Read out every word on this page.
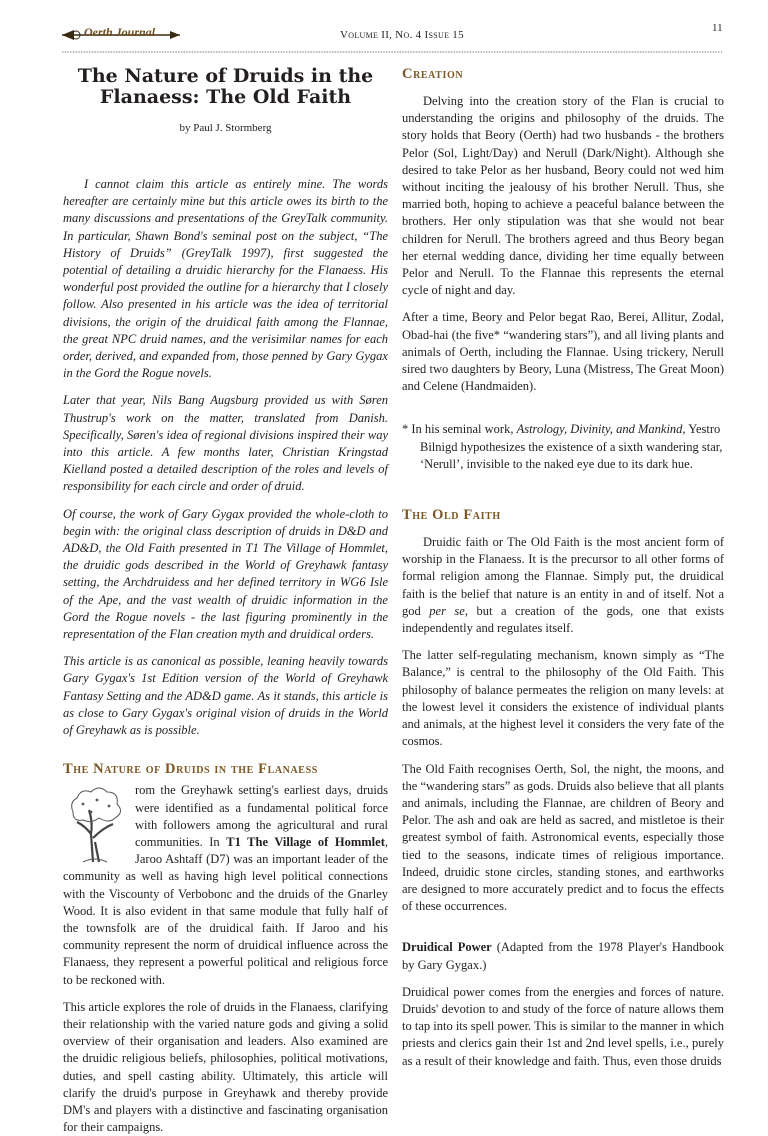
Oerth Journal	Volume II, No. 4 Issue 15
11
The Nature of Druids in the
Flanaess: The Old Faith
by Paul J. Stormberg

I cannot claim this article as entirely mine. The words hereafter are certainly mine but this article owes its birth to the many discussions and presentations of the GreyTalk community. In particular, Shawn Bond's seminal post on the subject, “The History of Druids” (GreyTalk 1997), first suggested the potential of detailing a druidic hierarchy for the Flanaess. His wonderful post provided the outline for a hierarchy that I closely follow. Also presented in his article was the idea of territorial divisions, the origin of the druidical faith among the Flannae, the great NPC druid names, and the verisimilar names for each order, derived, and expanded from, those penned by Gary Gygax in the Gord the Rogue novels.

Later that year, Nils Bang Augsburg provided us with Søren Thustrup's work on the matter, translated from Danish. Specifically, Søren's idea of regional divisions inspired their way into this article. A few months later, Christian Kringstad Kielland posted a detailed description of the roles and levels of responsibility for each circle and order of druid.

Of course, the work of Gary Gygax provided the whole-cloth to begin with: the original class description of druids in D&D and AD&D, the Old Faith presented in T1 The Village of Hommlet, the druidic gods described in the World of Greyhawk fantasy setting, the Archdruidess and her defined territory in WG6 Isle of the Ape, and the vast wealth of druidic information in the Gord the Rogue novels - the last figuring prominently in the representation of the Flan creation myth and druidical orders.

This article is as canonical as possible, leaning heavily towards Gary Gygax's 1st Edition version of the World of Greyhawk Fantasy Setting and the AD&D game. As it stands, this article is as close to Gary Gygax's original vision of druids in the World of Greyhawk as is possible.

The Nature of Druids in the Flanaess

rom the Greyhawk setting's earliest days, druids were identified as a fundamental political force with followers among the agricultural and rural communities. In T1 The Village of Hommlet, Jaroo Ashtaff (D7) was an important leader of the community as well as having high level political connections with the Viscounty of Verbobonc and the druids of the Gnarley Wood. It is also evident in that same module that fully half of the townsfolk are of the druidical faith. If Jaroo and his community represent the norm of druidical influence across the Flanaess, they represent a powerful political and religious force to be reckoned with.

This article explores the role of druids in the Flanaess, clarifying their relationship with the varied nature gods and giving a solid overview of their organisation and leaders. Also examined are the druidic religious beliefs, philosophies, political motivations, duties, and spell casting ability. Ultimately, this article will clarify the druid's purpose in Greyhawk and thereby provide DM's and players with a distinctive and fascinating organisation for their campaigns.

Creation

Delving into the creation story of the Flan is crucial to understanding the origins and philosophy of the druids. The story holds that Beory (Oerth) had two husbands - the brothers Pelor (Sol, Light/Day) and Nerull (Dark/Night). Although she desired to take Pelor as her husband, Beory could not wed him without inciting the jealousy of his brother Nerull. Thus, she married both, hoping to achieve a peaceful balance between the brothers. Her only stipulation was that she would not bear children for Nerull. The brothers agreed and thus Beory began her eternal wedding dance, dividing her time equally between Pelor and Nerull. To the Flannae this represents the eternal cycle of night and day.

After a time, Beory and Pelor begat Rao, Berei, Allitur, Zodal, Obad-hai (the five* “wandering stars”), and all living plants and animals of Oerth, including the Flannae. Using trickery, Nerull sired two daughters by Beory, Luna (Mistress, The Great Moon) and Celene (Handmaiden).

* In his seminal work, Astrology, Divinity, and Mankind, Yestro Bilnigd hypothesizes the existence of a sixth wandering star, ‘Nerull’, invisible to the naked eye due to its dark hue.

The Old Faith

Druidic faith or The Old Faith is the most ancient form of worship in the Flanaess. It is the precursor to all other forms of formal religion among the Flannae. Simply put, the druidical faith is the belief that nature is an entity in and of itself. Not a god per se, but a creation of the gods, one that exists independently and regulates itself.

The latter self-regulating mechanism, known simply as “The Balance,” is central to the philosophy of the Old Faith. This philosophy of balance permeates the religion on many levels: at the lowest level it considers the existence of individual plants and animals, at the highest level it considers the very fate of the cosmos.

The Old Faith recognises Oerth, Sol, the night, the moons, and the “wandering stars” as gods. Druids also believe that all plants and animals, including the Flannae, are children of Beory and Pelor. The ash and oak are held as sacred, and mistletoe is their greatest symbol of faith. Astronomical events, especially those tied to the seasons, indicate times of religious importance. Indeed, druidic stone circles, standing stones, and earthworks are designed to more accurately predict and to focus the effects of these occurrences.

Druidical Power (Adapted from the 1978 Player's Handbook by Gary Gygax.)

Druidical power comes from the energies and forces of nature. Druids' devotion to and study of the force of nature allows them to tap into its spell power. This is similar to the manner in which priests and clerics gain their 1st and 2nd level spells, i.e., purely as a result of their knowledge and faith. Thus, even those druids
